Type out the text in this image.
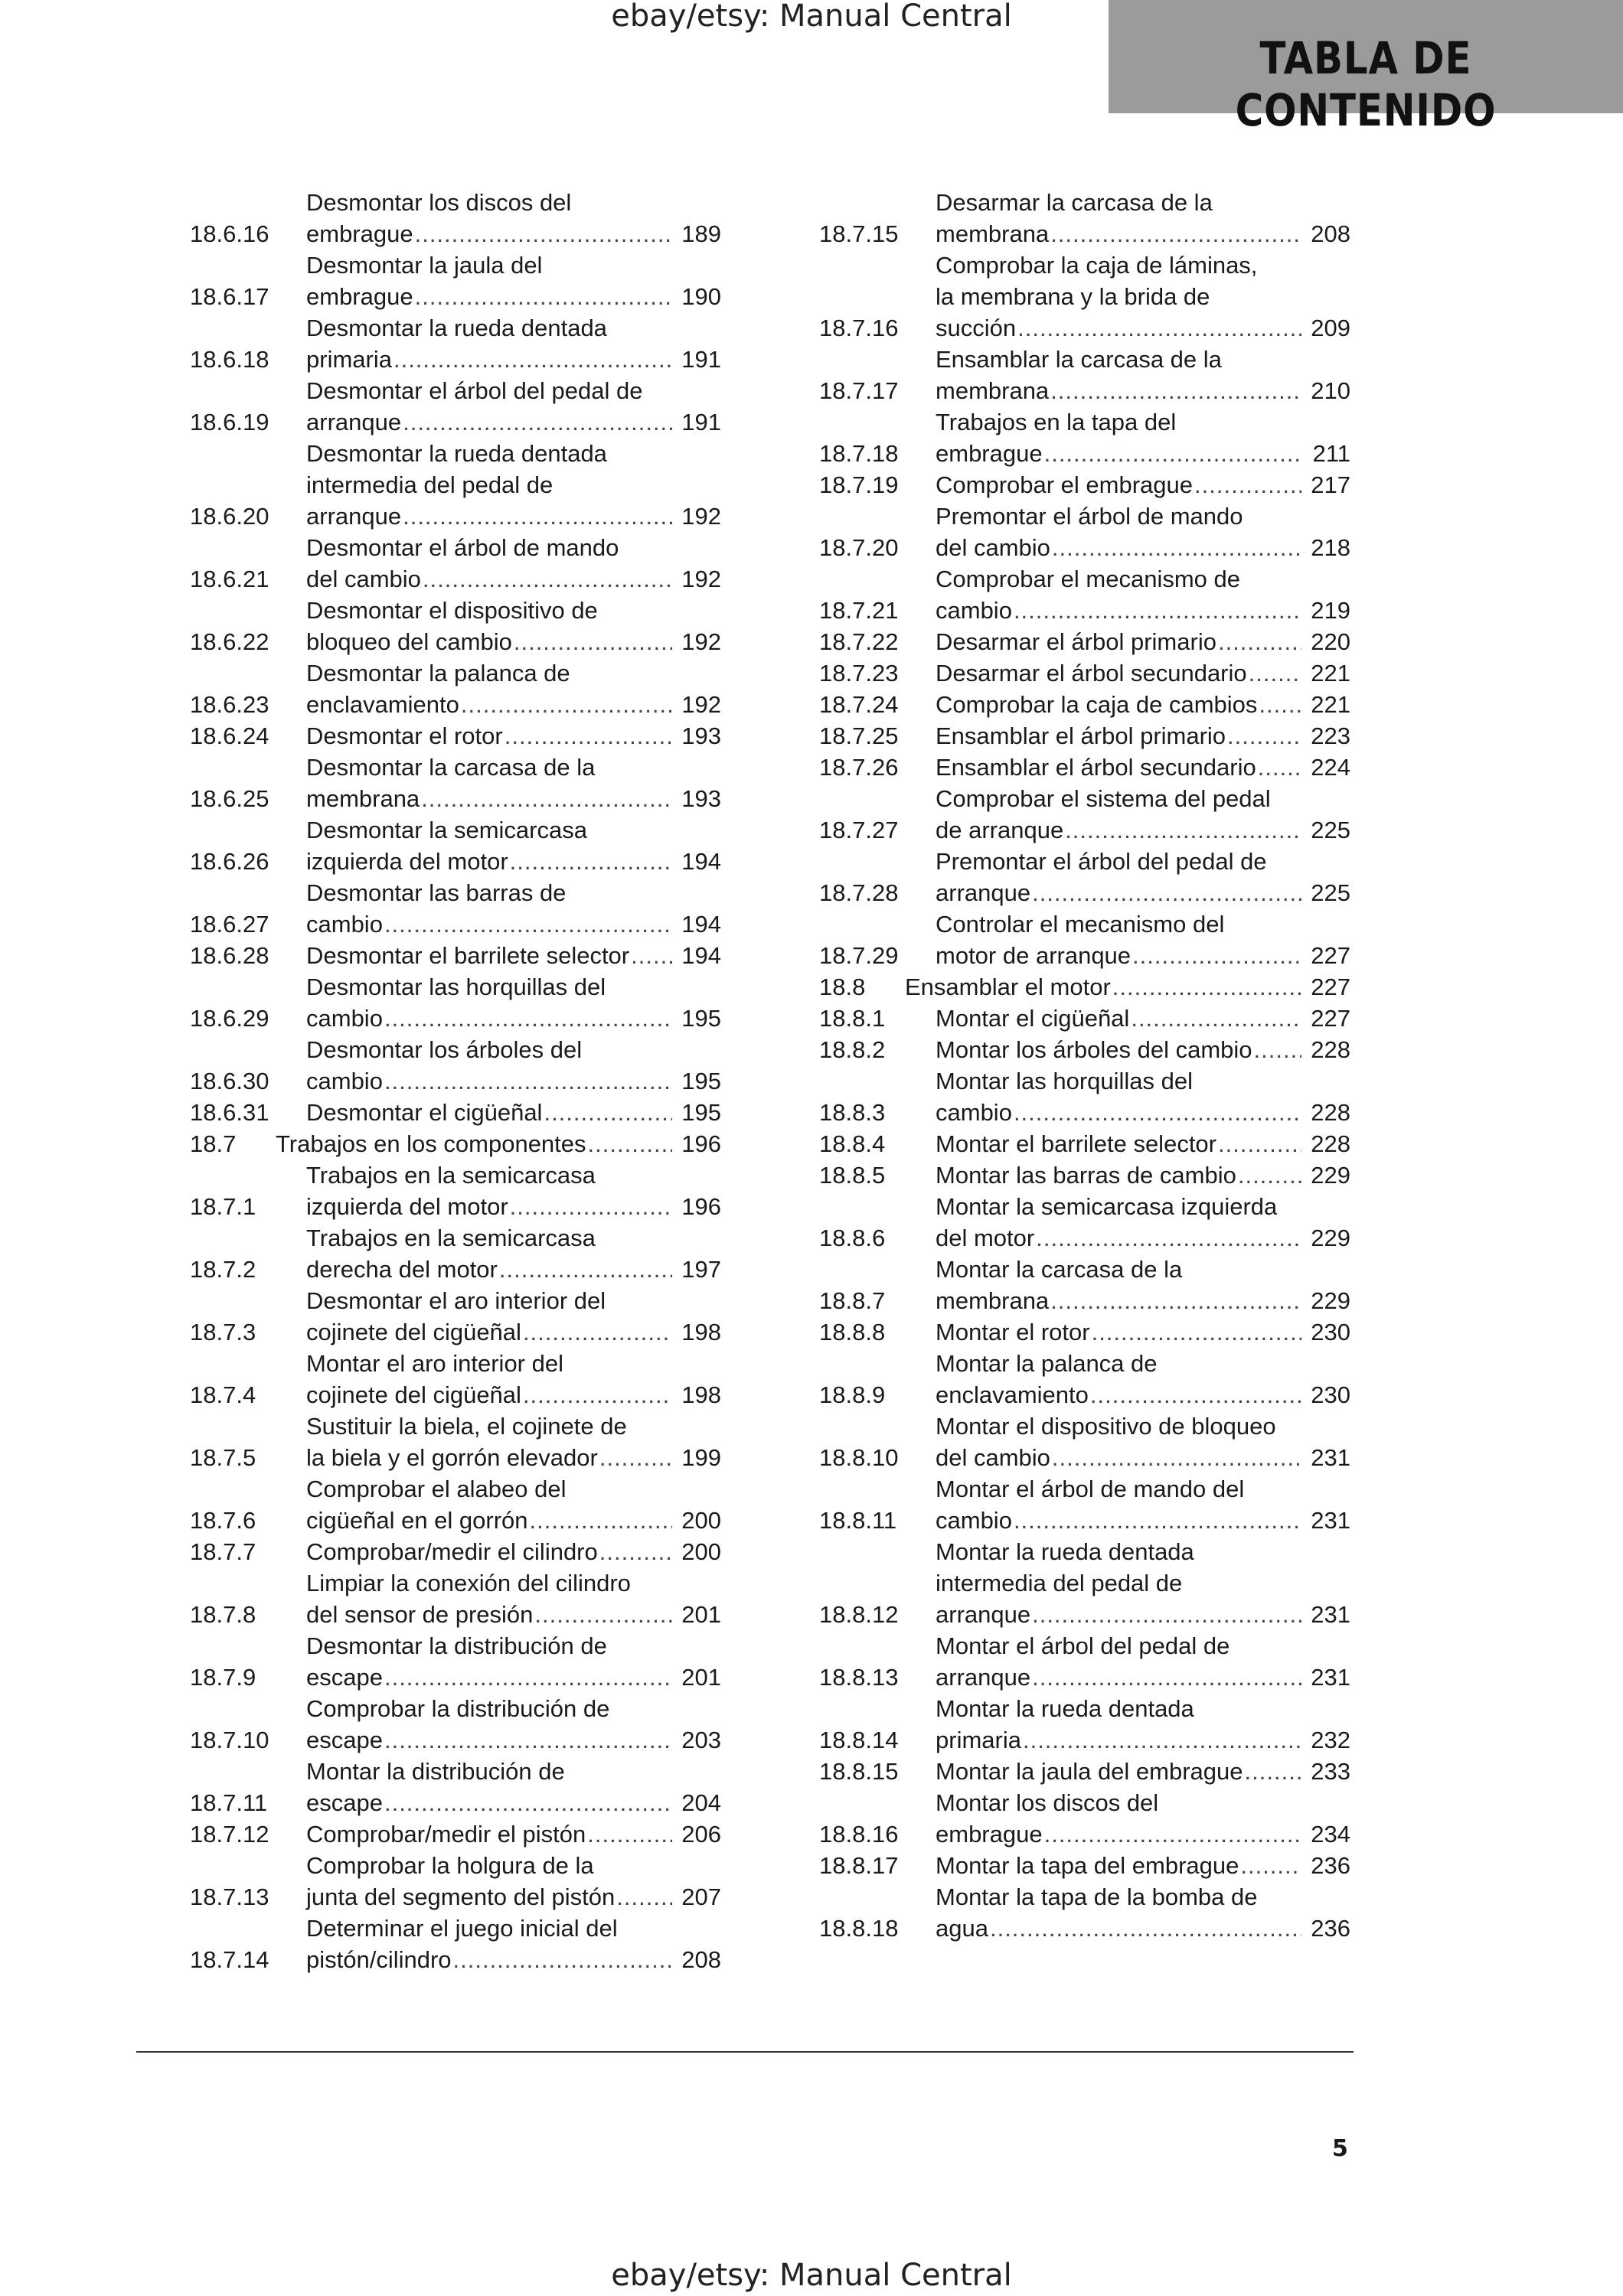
ebay/etsy: Manual Central
TABLA DE CONTENIDO
18.6.16
Desmontar los discos del
embrague .....	189
18.6.17
Desmontar la jaula del
embrague .....	190
18.6.18
Desmontar la rueda dentada
primaria .....	191
18.6.19
Desmontar el árbol del pedal de
arranque .....	191
18.6.20
Desmontar la rueda dentada
intermedia del pedal de
arranque .....	192
18.6.21
Desmontar el árbol de mando
del cambio .....	192
18.6.22
Desmontar el dispositivo de
bloqueo del cambio .....	192
18.6.23
Desmontar la palanca de
enclavamiento .....	192
18.6.24	Desmontar el rotor .....	193
18.6.25
Desmontar la carcasa de la
membrana .....	193
18.6.26
Desmontar la semicarcasa
izquierda del motor .....	194
18.6.27
Desmontar las barras de
cambio .....	194
18.6.28	Desmontar el barrilete selector ..... 194
18.6.29
Desmontar las horquillas del
cambio .....	195
18.6.30
Desmontar los árboles del
cambio .....	195
18.6.31	Desmontar el cigüeñal .....	195
18.7	Trabajos en los componentes .....	196
18.7.1
Trabajos en la semicarcasa
izquierda del motor .....	196
18.7.2
Trabajos en la semicarcasa
derecha del motor .....	197
18.7.3
Desmontar el aro interior del
cojinete del cigüeñal .....	198
18.7.4
Montar el aro interior del
cojinete del cigüeñal .....	198
18.7.5
Sustituir la biela, el cojinete de
la biela y el gorrón elevador .....	199
18.7.6
Comprobar el alabeo del
cigüeñal en el gorrón .....	200
18.7.7	Comprobar/medir el cilindro .....	200
18.7.8
Limpiar la conexión del cilindro
del sensor de presión .....	201
18.7.9
Desmontar la distribución de
escape .....	201
18.7.10
Comprobar la distribución de
escape .....	203
18.7.11
Montar la distribución de
escape .....	204
18.7.12	Comprobar/medir el pistón .....	206
18.7.13
Comprobar la holgura de la
junta del segmento del pistón .....	207
18.7.14
Determinar el juego inicial del
pistón/cilindro .....	208
18.7.15
Desarmar la carcasa de la
membrana .....	208
18.7.16
Comprobar la caja de láminas,
la membrana y la brida de
succión .....	209
18.7.17
Ensamblar la carcasa de la
membrana .....	210
18.7.18
Trabajos en la tapa del
embrague .....	211
18.7.19	Comprobar el embrague .....	217
18.7.20
Premontar el árbol de mando
del cambio .....	218
18.7.21
Comprobar el mecanismo de
cambio .....	219
18.7.22	Desarmar el árbol primario .....	220
18.7.23	Desarmar el árbol secundario .....	221
18.7.24	Comprobar la caja de cambios ..... 221
18.7.25	Ensamblar el árbol primario .....	223
18.7.26	Ensamblar el árbol secundario ..... 224
18.7.27
Comprobar el sistema del pedal
de arranque .....	225
18.7.28
Premontar el árbol del pedal de
arranque .....	225
18.7.29
Controlar el mecanismo del
motor de arranque .....	227
18.8	Ensamblar el motor .....	227
18.8.1	Montar el cigüeñal .....	227
18.8.2	Montar los árboles del cambio ..... 228
18.8.3
Montar las horquillas del
cambio .....	228
18.8.4	Montar el barrilete selector .....	228
18.8.5	Montar las barras de cambio .....	229
18.8.6
Montar la semicarcasa izquierda
del motor .....	229
18.8.7
Montar la carcasa de la
membrana .....	229
18.8.8	Montar el rotor .....	230
18.8.9
Montar la palanca de
enclavamiento .....	230
18.8.10
Montar el dispositivo de bloqueo
del cambio .....	231
18.8.11
Montar el árbol de mando del
cambio .....	231
18.8.12
Montar la rueda dentada
intermedia del pedal de
arranque .....	231
18.8.13
Montar el árbol del pedal de
arranque .....	231
18.8.14
Montar la rueda dentada
primaria .....	232
18.8.15	Montar la jaula del embrague .....	233
18.8.16
Montar los discos del
embrague .....	234
18.8.17	Montar la tapa del embrague .....	236
18.8.18
Montar la tapa de la bomba de
agua .....	236
5
ebay/etsy: Manual Central
